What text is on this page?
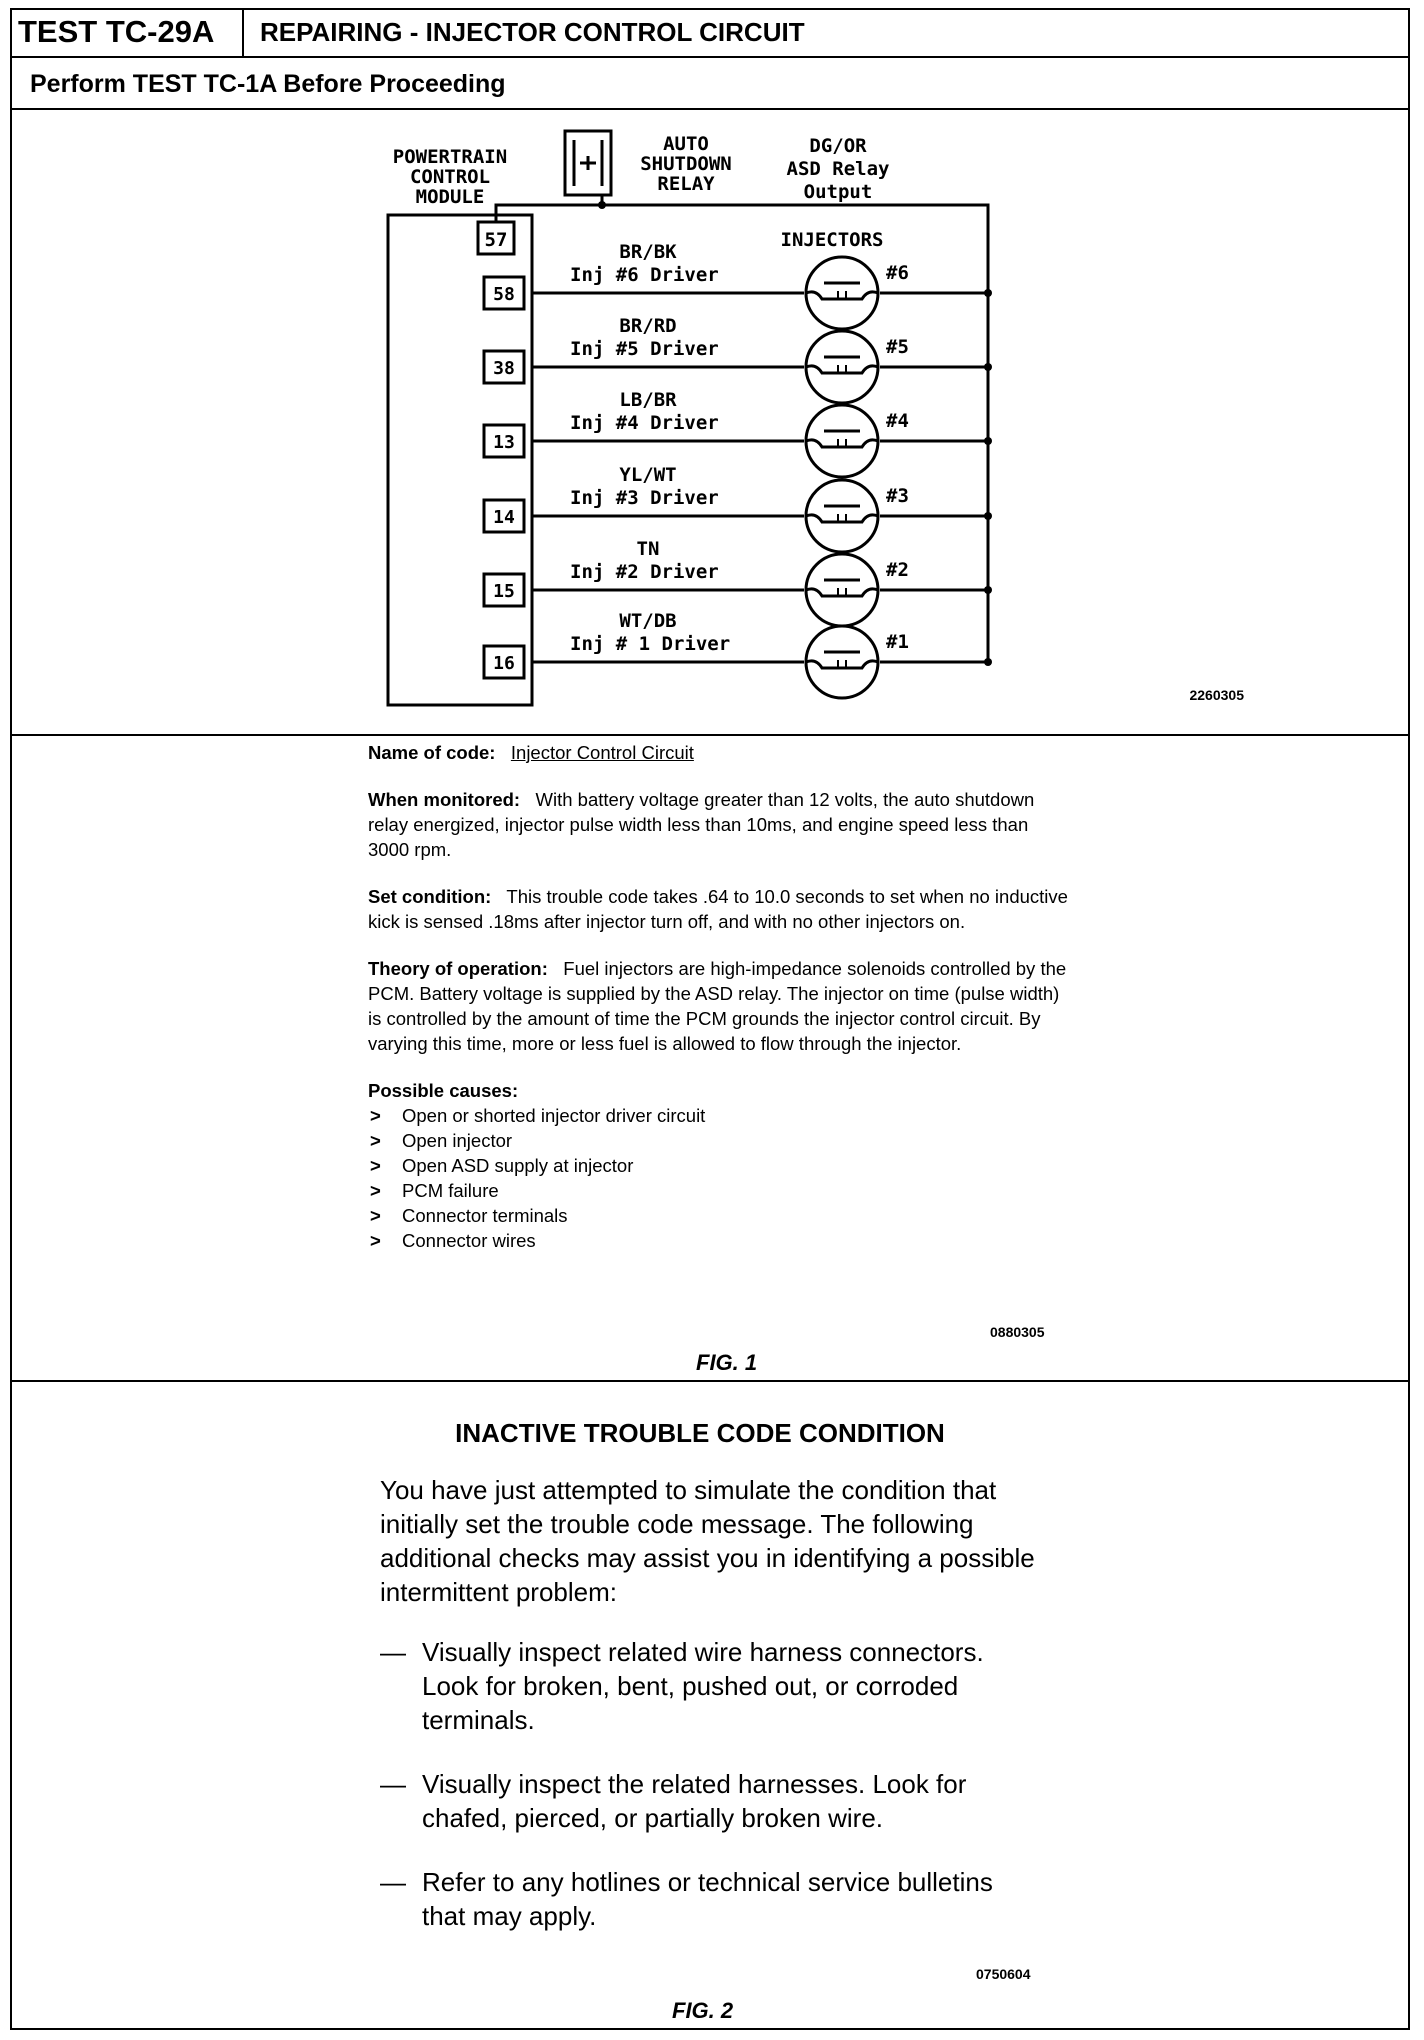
TEST TC-29A	REPAIRING - INJECTOR CONTROL CIRCUIT
Perform TEST TC-1A Before Proceeding
57
POWERTRAIN
CONTROL
MODULE
AUTO
SHUTDOWN
RELAY
DG/OR
ASD Relay
Output
INJECTORS
58
BR/BK
Inj #6 Driver	#6
38
BR/RD
Inj #5 Driver	#5
13
LB/BR
Inj #4 Driver	#4
14
YL/WT
Inj #3 Driver	#3
15
TN
Inj #2 Driver	#2
16
WT/DB
Inj # 1 Driver	#1
2260305

Name of code: Injector Control Circuit

When monitored: With battery voltage greater than 12 volts, the auto shutdown relay energized, injector pulse width less than 10ms, and engine speed less than 3000 rpm.

Set condition: This trouble code takes .64 to 10.0 seconds to set when no inductive kick is sensed .18ms after injector turn off, and with no other injectors on.

Theory of operation: Fuel injectors are high-impedance solenoids controlled by the PCM. Battery voltage is supplied by the ASD relay. The injector on time (pulse width) is controlled by the amount of time the PCM grounds the injector control circuit. By varying this time, more or less fuel is allowed to flow through the injector.

Possible causes:
> Open or shorted injector driver circuit
> Open injector
> Open ASD supply at injector
> PCM failure
> Connector terminals
> Connector wires
0880305
FIG. 1
INACTIVE TROUBLE CODE CONDITION

You have just attempted to simulate the condition that initially set the trouble code message. The following additional checks may assist you in identifying a possible intermittent problem:

— Visually inspect related wire harness connectors. Look for broken, bent, pushed out, or corroded terminals.
— Visually inspect the related harnesses. Look for chafed, pierced, or partially broken wire.
— Refer to any hotlines or technical service bulletins that may apply.
0750604
FIG. 2
